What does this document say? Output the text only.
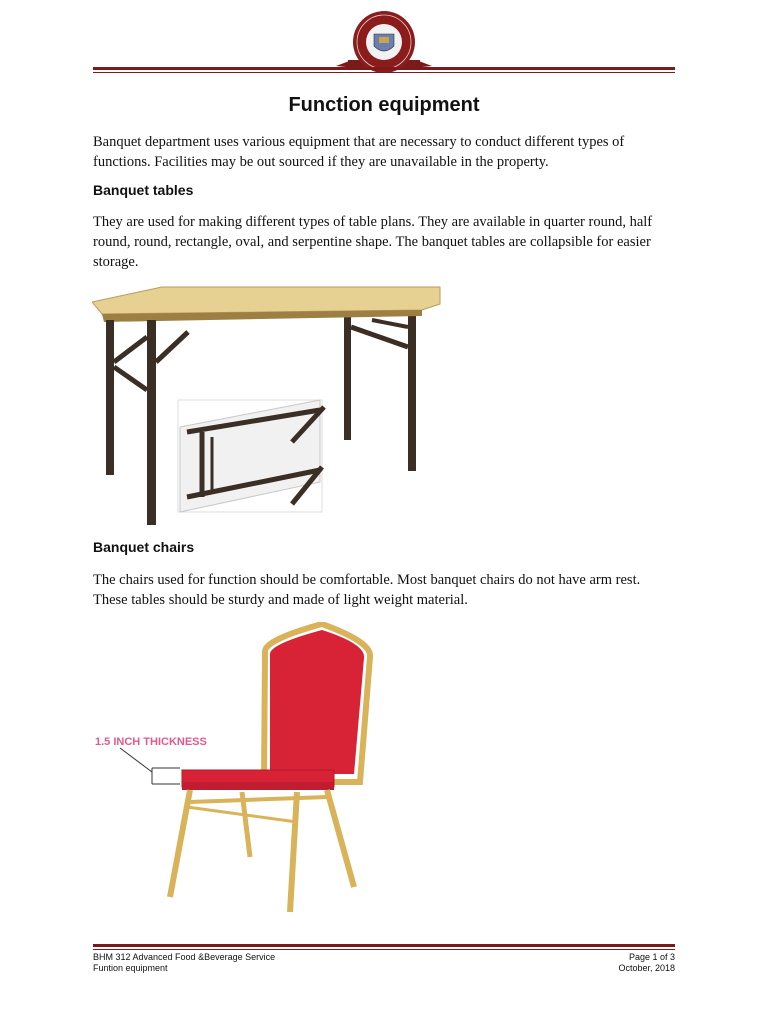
Function equipment
Banquet department uses various equipment that are necessary to conduct different types of functions. Facilities may be out sourced if they are unavailable in the property.
Banquet tables
They are used for making different types of table plans. They are available in quarter round, half round, round, rectangle, oval, and serpentine shape. The banquet tables are collapsible for easier storage.
Banquet chairs
The chairs used for function should be comfortable. Most banquet chairs do not have arm rest. These tables should be sturdy and made of light weight material.
1.5 INCH THICKNESS
BHM 312 Advanced Food &Beverage Service
Funtion equipment
Page 1 of 3
October, 2018
